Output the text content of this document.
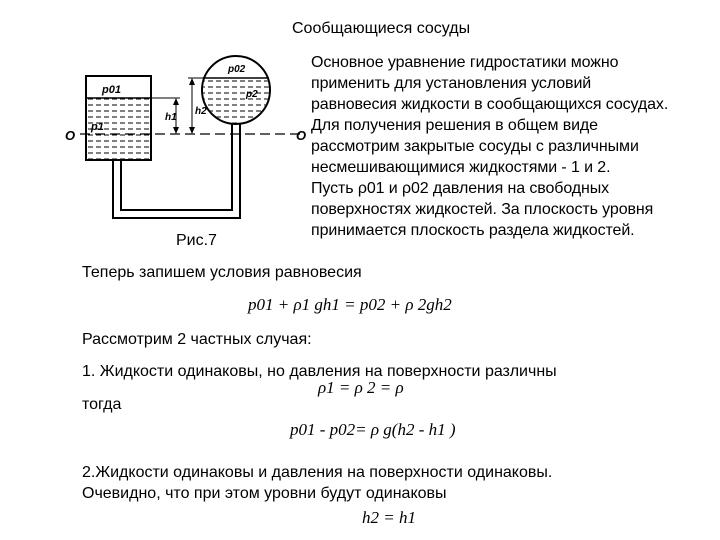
Сообщающиеся сосуды
Основное уравнение гидростатики можно
применить для установления условий
равновесия жидкости в сообщающихся сосудах.
Для получения решения в общем виде
рассмотрим закрытые сосуды с различными
несмешивающимися жидкостями - 1 и 2.
Пусть ρ01 и ρ02 давления на свободных
поверхностях жидкостей. За плоскость уровня
принимается плоскость раздела жидкостей.
p01
p1
p02
p2
h1
h2
O	O
Рис.7
Теперь запишем условия равновесия
p01 + ρ1 gh1 = p02 + ρ 2gh2
Рассмотрим 2 частных случая:
1. Жидкости одинаковы, но давления на поверхности различны
ρ1 = ρ 2 = ρ
тогда
p01 - p02= ρ g(h2 - h1 )
2.Жидкости одинаковы и давления на поверхности одинаковы.
Очевидно, что при этом уровни будут одинаковы
h2 = h1
